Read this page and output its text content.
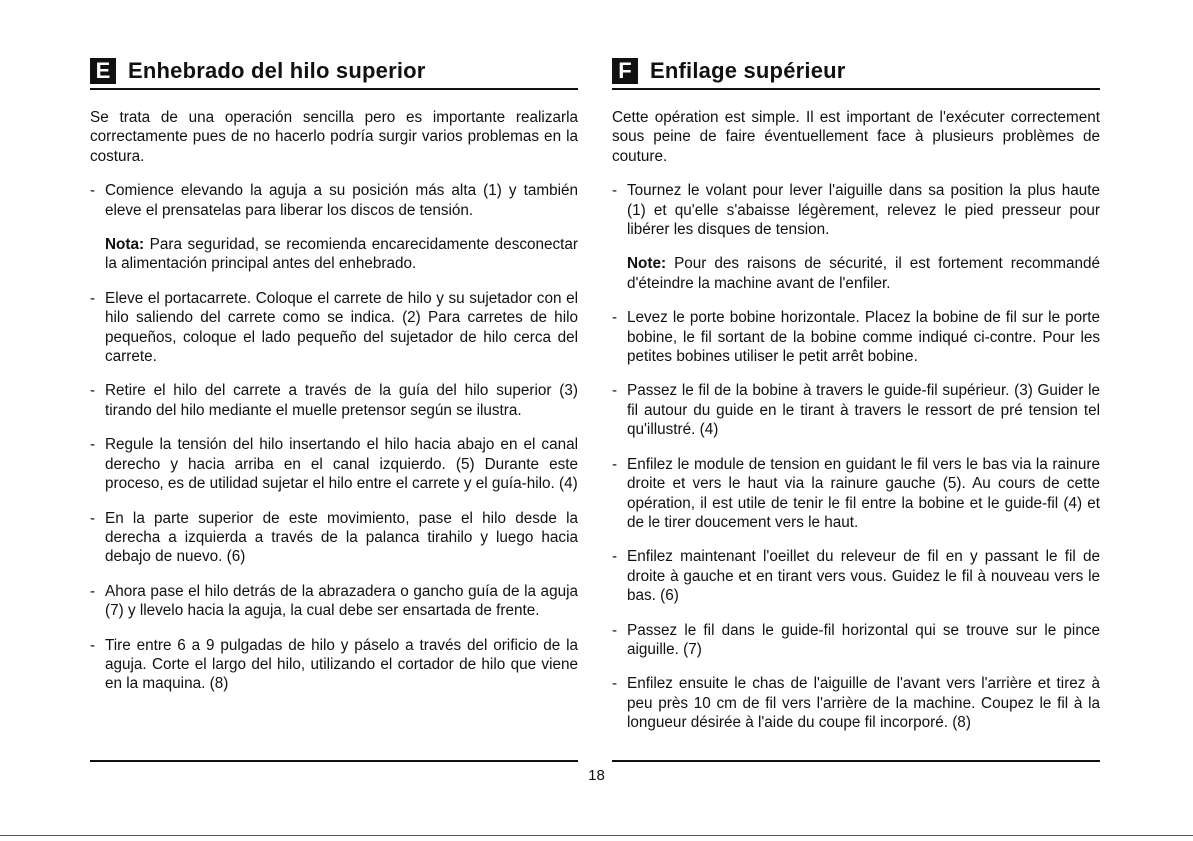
E Enhebrado del hilo superior

Se trata de una operación sencilla pero es importante realizarla correctamente pues de no hacerlo podría surgir varios problemas en la costura.

- Comience elevando la aguja a su posición más alta (1) y también eleve el prensatelas para liberar los discos de tensión.

Nota: Para seguridad, se recomienda encarecidamente desconectar la alimentación principal antes del enhebrado.

- Eleve el portacarrete. Coloque el carrete de hilo y su sujetador con el hilo saliendo del carrete como se indica. (2) Para carretes de hilo pequeños, coloque el lado pequeño del sujetador de hilo cerca del carrete.

- Retire el hilo del carrete a través de la guía del hilo superior (3) tirando del hilo mediante el muelle pretensor según se ilustra.

- Regule la tensión del hilo insertando el hilo hacia abajo en el canal derecho y hacia arriba en el canal izquierdo. (5) Durante este proceso, es de utilidad sujetar el hilo entre el carrete y el guía-hilo. (4)

- En la parte superior de este movimiento, pase el hilo desde la derecha a izquierda a través de la palanca tirahilo y luego hacia debajo de nuevo. (6)

- Ahora pase el hilo detrás de la abrazadera o gancho guía de la aguja (7) y llevelo hacia la aguja, la cual debe ser ensartada de frente.

- Tire entre 6 a 9 pulgadas de hilo y páselo a través del orificio de la aguja. Corte el largo del hilo, utilizando el cortador de hilo que viene en la maquina. (8)

F Enfilage supérieur

Cette opération est simple. Il est important de l'exécuter correctement sous peine de faire éventuellement face à plusieurs problèmes de couture.

- Tournez le volant pour lever l'aiguille dans sa position la plus haute (1) et qu'elle s'abaisse légèrement, relevez le pied presseur pour libérer les disques de tension.

Note: Pour des raisons de sécurité, il est fortement recommandé d'éteindre la machine avant de l'enfiler.

- Levez le porte bobine horizontale. Placez la bobine de fil sur le porte bobine, le fil sortant de la bobine comme indiqué ci-contre. Pour les petites bobines utiliser le petit arrêt bobine.

- Passez le fil de la bobine à travers le guide-fil supérieur. (3) Guider le fil autour du guide en le tirant à travers le ressort de pré tension tel qu'illustré. (4)

- Enfilez le module de tension en guidant le fil vers le bas via la rainure droite et vers le haut via la rainure gauche (5). Au cours de cette opération, il est utile de tenir le fil entre la bobine et le guide-fil (4) et de le tirer doucement vers le haut.

- Enfilez maintenant l'oeillet du releveur de fil en y passant le fil de droite à gauche et en tirant vers vous. Guidez le fil à nouveau vers le bas. (6)

- Passez le fil dans le guide-fil horizontal qui se trouve sur le pince aiguille. (7)

- Enfilez ensuite le chas de l'aiguille de l'avant vers l'arrière et tirez à peu près 10 cm de fil vers l'arrière de la machine. Coupez le fil à la longueur désirée à l'aide du coupe fil incorporé. (8)

18
